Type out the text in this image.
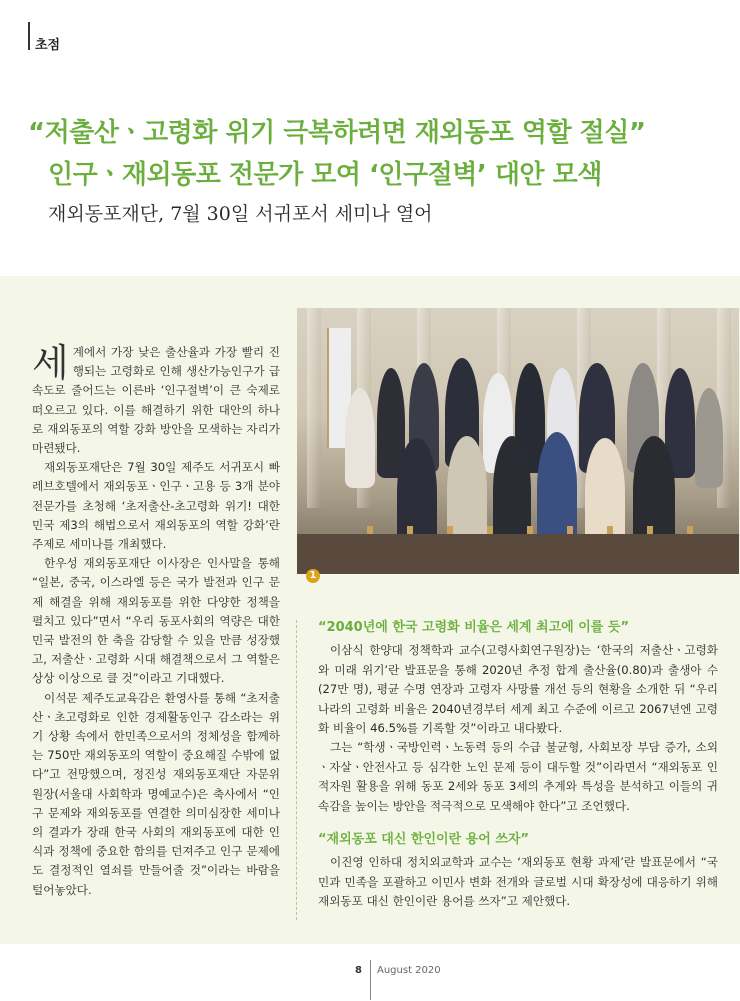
초점
“저출산ㆍ고령화 위기 극복하려면 재외동포 역할 절실”
인구ㆍ재외동포 전문가 모여 ‘인구절벽’ 대안 모색
재외동포재단, 7월 30일 서귀포서 세미나 열어

세 계에서 가장 낮은 출산율과 가장 빨리 진행되는 고령화로 인해 생산가능인구가 급속도로 줄어드는 이른바 ‘인구절벽’이 큰 숙제로 떠오르고 있다. 이를 해결하기 위한 대안의 하나로 재외동포의 역할 강화 방안을 모색하는 자리가 마련됐다.

재외동포재단은 7월 30일 제주도 서귀포시 빠레브호텔에서 재외동포ㆍ인구ㆍ고용 등 3개 분야 전문가를 초청해 ‘초저출산-초고령화 위기! 대한민국 제3의 해법으로서 재외동포의 역할 강화’란 주제로 세미나를 개최했다.

한우성 재외동포재단 이사장은 인사말을 통해 “일본, 중국, 이스라엘 등은 국가 발전과 인구 문제 해결을 위해 재외동포를 위한 다양한 정책을 펼치고 있다”면서 “우리 동포사회의 역량은 대한민국 발전의 한 축을 감당할 수 있을 만큼 성장했고, 저출산ㆍ고령화 시대 해결책으로서 그 역할은 상상 이상으로 클 것”이라고 기대했다.

이석문 제주도교육감은 환영사를 통해 “초저출산ㆍ초고령화로 인한 경제활동인구 감소라는 위기 상황 속에서 한민족으로서의 정체성을 함께하는 750만 재외동포의 역할이 중요해질 수밖에 없다”고 전망했으며, 정진성 재외동포재단 자문위원장(서울대 사회학과 명예교수)은 축사에서 “인구 문제와 재외동포를 연결한 의미심장한 세미나의 결과가 장래 한국 사회의 재외동포에 대한 인식과 정책에 중요한 함의를 던져주고 인구 문제에도 결정적인 열쇠를 만들어줄 것”이라는 바람을 털어놓았다.

1
“2040년에 한국 고령화 비율은 세계 최고에 이를 듯”

이삼식 한양대 정책학과 교수(고령사회연구원장)는 ‘한국의 저출산ㆍ고령화와 미래 위기’란 발표문을 통해 2020년 추정 합계 출산율(0.80)과 출생아 수(27만 명), 평균 수명 연장과 고령자 사망률 개선 등의 현황을 소개한 뒤 “우리나라의 고령화 비율은 2040년경부터 세계 최고 수준에 이르고 2067년엔 고령화 비율이 46.5%를 기록할 것”이라고 내다봤다.

그는 “학생ㆍ국방인력ㆍ노동력 등의 수급 불균형, 사회보장 부담 증가, 소외ㆍ자살ㆍ안전사고 등 심각한 노인 문제 등이 대두할 것”이라면서 “재외동포 인적자원 활용을 위해 동포 2세와 동포 3세의 추계와 특성을 분석하고 이들의 귀속감을 높이는 방안을 적극적으로 모색해야 한다”고 조언했다.

“재외동포 대신 한인이란 용어 쓰자”

이진영 인하대 정치외교학과 교수는 ‘재외동포 현황 과제’란 발표문에서 “국민과 민족을 포괄하고 이민사 변화 전개와 글로벌 시대 확장성에 대응하기 위해 재외동포 대신 한인이란 용어를 쓰자”고 제안했다.

8 August 2020
